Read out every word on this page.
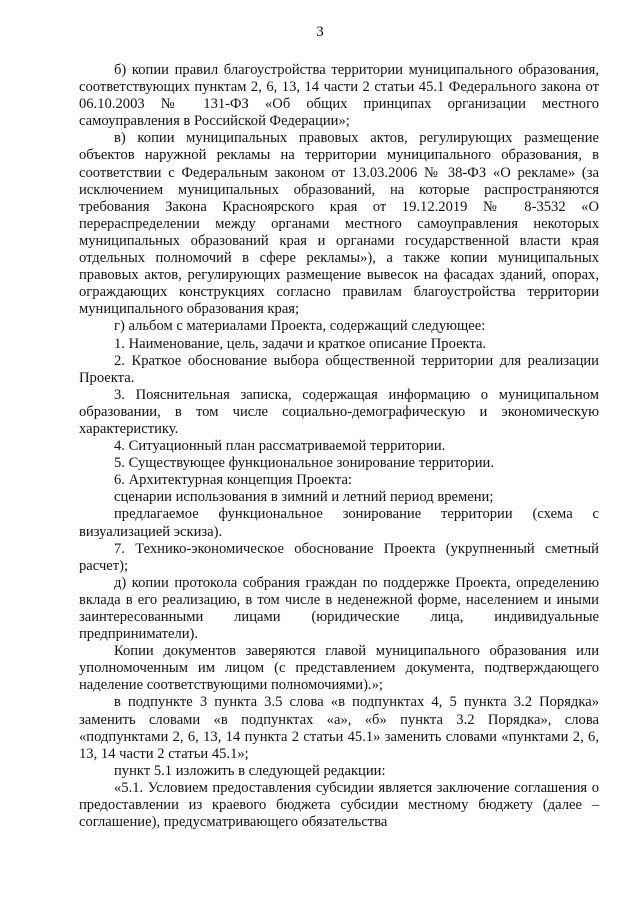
3

б) копии правил благоустройства территории муниципального образования, соответствующих пунктам 2, 6, 13, 14 части 2 статьи 45.1 Федерального закона от 06.10.2003 № 131-ФЗ «Об общих принципах организации местного самоуправления в Российской Федерации»;

в) копии муниципальных правовых актов, регулирующих размещение объектов наружной рекламы на территории муниципального образования, в соответствии с Федеральным законом от 13.03.2006 № 38-ФЗ «О рекламе» (за исключением муниципальных образований, на которые распространяются требования Закона Красноярского края от 19.12.2019 № 8-3532 «О перераспределении между органами местного самоуправления некоторых муниципальных образований края и органами государственной власти края отдельных полномочий в сфере рекламы»), а также копии муниципальных правовых актов, регулирующих размещение вывесок на фасадах зданий, опорах, ограждающих конструкциях согласно правилам благоустройства территории муниципального образования края;

г) альбом с материалами Проекта, содержащий следующее:

1. Наименование, цель, задачи и краткое описание Проекта.

2. Краткое обоснование выбора общественной территории для реализации Проекта.

3. Пояснительная записка, содержащая информацию о муниципальном образовании, в том числе социально-демографическую и экономическую характеристику.

4. Ситуационный план рассматриваемой территории.

5. Существующее функциональное зонирование территории.

6. Архитектурная концепция Проекта:

сценарии использования в зимний и летний период времени;

предлагаемое функциональное зонирование территории (схема с визуализацией эскиза).

7. Технико-экономическое обоснование Проекта (укрупненный сметный расчет);

д) копии протокола собрания граждан по поддержке Проекта, определению вклада в его реализацию, в том числе в неденежной форме, населением и иными заинтересованными лицами (юридические лица, индивидуальные предприниматели).

Копии документов заверяются главой муниципального образования или уполномоченным им лицом (с представлением документа, подтверждающего наделение соответствующими полномочиями).»;

в подпункте 3 пункта 3.5 слова «в подпунктах 4, 5 пункта 3.2 Порядка» заменить словами «в подпунктах «а», «б» пункта 3.2 Порядка», слова «подпунктами 2, 6, 13, 14 пункта 2 статьи 45.1» заменить словами «пунктами 2, 6, 13, 14 части 2 статьи 45.1»;

пункт 5.1 изложить в следующей редакции:

«5.1. Условием предоставления субсидии является заключение соглашения о предоставлении из краевого бюджета субсидии местному бюджету (далее – соглашение), предусматривающего обязательства
